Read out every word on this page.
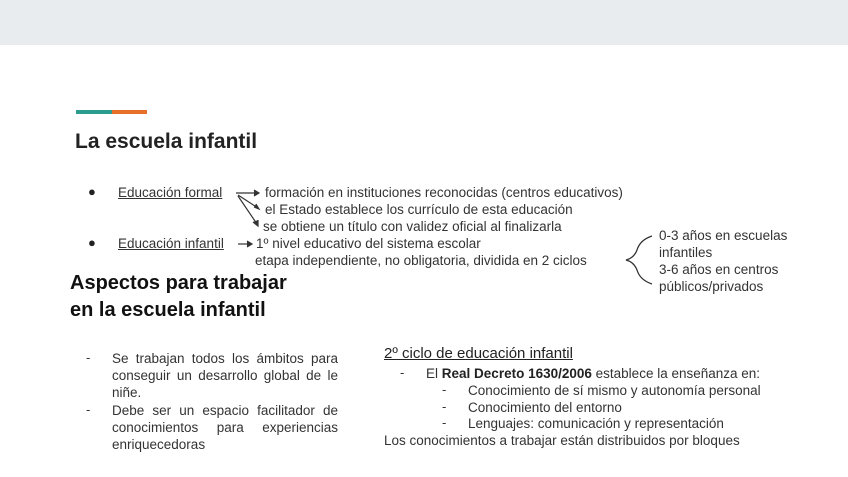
La escuela infantil
● Educación formal	formación en instituciones reconocidas (centros educativos)
el Estado establece los currículo de esta educación
se obtiene un título con validez oficial al finalizarla
● Educación infantil 1º nivel educativo del sistema escolar
etapa independiente, no obligatoria, dividida en 2 ciclos
0-3 años en escuelas
infantiles
3-6 años en centros
públicos/privados
Aspectos para trabajar
en la escuela infantil
- Se trabajan todos los ámbitos para conseguir un desarrollo global de le niñe.
- Debe ser un espacio facilitador de conocimientos para experiencias enriquecedoras
2º ciclo de educación infantil
- El Real Decreto 1630/2006 establece la enseñanza en:
- Conocimiento de sí mismo y autonomía personal
- Conocimiento del entorno
- Lenguajes: comunicación y representación
Los conocimientos a trabajar están distribuidos por bloques
